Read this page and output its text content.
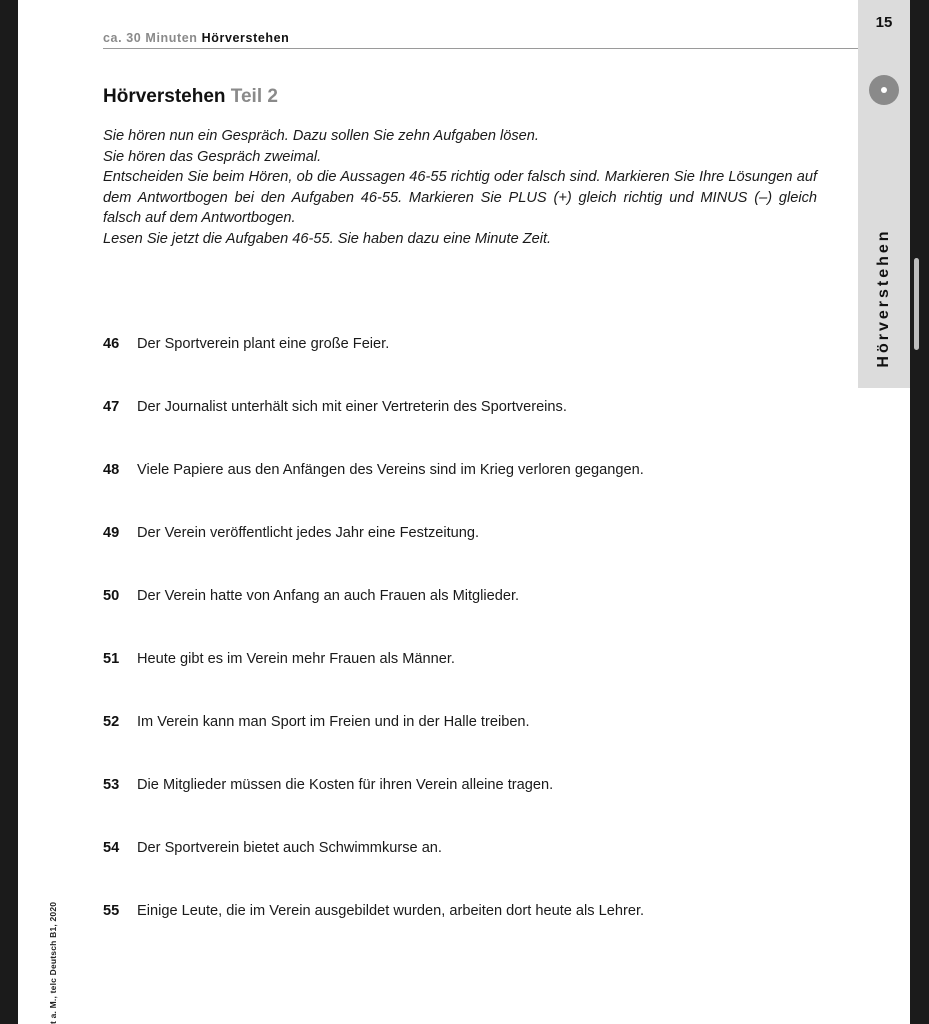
15
Hörverstehen
ca. 30 Minuten Hörverstehen
Hörverstehen Teil 2

Sie hören nun ein Gespräch. Dazu sollen Sie zehn Aufgaben lösen.

Sie hören das Gespräch zweimal.

Entscheiden Sie beim Hören, ob die Aussagen 46-55 richtig oder falsch sind. Markieren Sie Ihre Lösungen auf dem Antwortbogen bei den Aufgaben 46-55. Markieren Sie PLUS (+) gleich richtig und MINUS (–) gleich falsch auf dem Antwortbogen.

Lesen Sie jetzt die Aufgaben 46-55. Sie haben dazu eine Minute Zeit.

46 Der Sportverein plant eine große Feier.
47 Der Journalist unterhält sich mit einer Vertreterin des Sportvereins.
48 Viele Papiere aus den Anfängen des Vereins sind im Krieg verloren gegangen.
49 Der Verein veröffentlicht jedes Jahr eine Festzeitung.
50 Der Verein hatte von Anfang an auch Frauen als Mitglieder.
51 Heute gibt es im Verein mehr Frauen als Männer.
52 Im Verein kann man Sport im Freien und in der Halle treiben.
53 Die Mitglieder müssen die Kosten für ihren Verein alleine tragen.
54 Der Sportverein bietet auch Schwimmkurse an.
55 Einige Leute, die im Verein ausgebildet wurden, arbeiten dort heute als Lehrer.
t a. M., telc Deutsch B1, 2020
